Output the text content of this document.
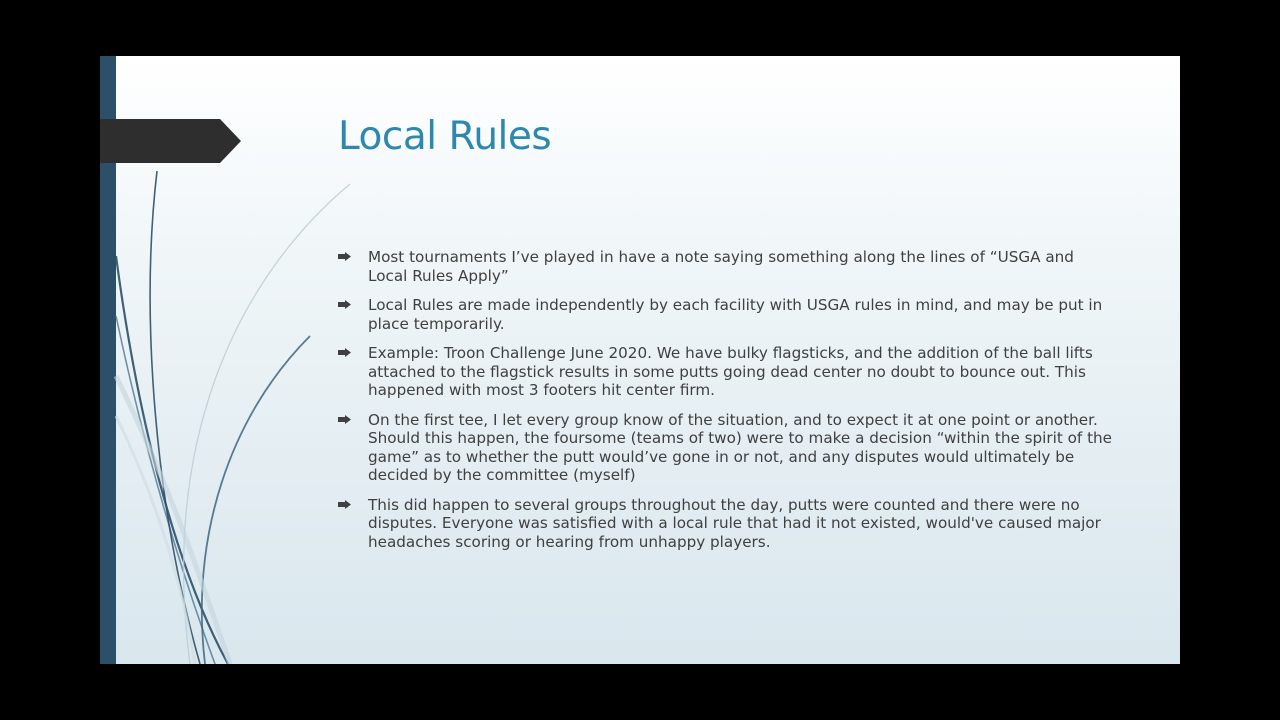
Local Rules
Most tournaments I’ve played in have a note saying something along the lines of “USGA and Local Rules Apply”
Local Rules are made independently by each facility with USGA rules in mind, and may be put in place temporarily.
Example: Troon Challenge June 2020. We have bulky flagsticks, and the addition of the ball lifts attached to the flagstick results in some putts going dead center no doubt to bounce out. This happened with most 3 footers hit center firm.
On the first tee, I let every group know of the situation, and to expect it at one point or another. Should this happen, the foursome (teams of two) were to make a decision “within the spirit of the game” as to whether the putt would’ve gone in or not, and any disputes would ultimately be decided by the committee (myself)
This did happen to several groups throughout the day, putts were counted and there were no disputes. Everyone was satisfied with a local rule that had it not existed, would've caused major headaches scoring or hearing from unhappy players.
